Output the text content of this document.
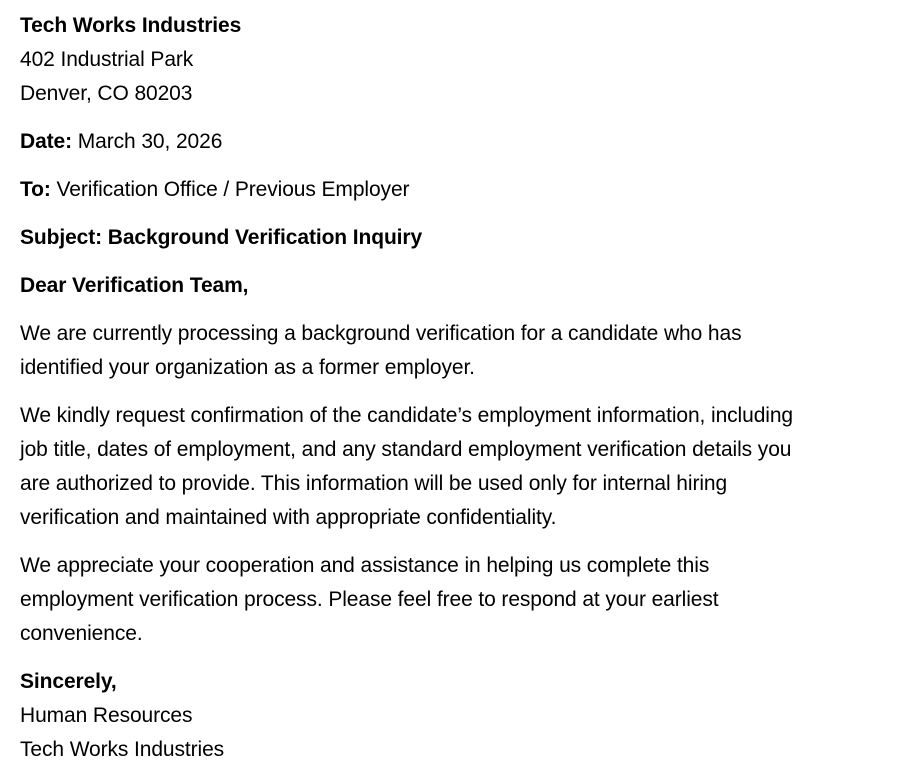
Tech Works Industries
402 Industrial Park
Denver, CO 80203
Date: March 30, 2026
To: Verification Office / Previous Employer
Subject: Background Verification Inquiry
Dear Verification Team,
We are currently processing a background verification for a candidate who has
identified your organization as a former employer.
We kindly request confirmation of the candidate’s employment information, including
job title, dates of employment, and any standard employment verification details you
are authorized to provide. This information will be used only for internal hiring
verification and maintained with appropriate confidentiality.
We appreciate your cooperation and assistance in helping us complete this
employment verification process. Please feel free to respond at your earliest
convenience.
Sincerely,
Human Resources
Tech Works Industries
